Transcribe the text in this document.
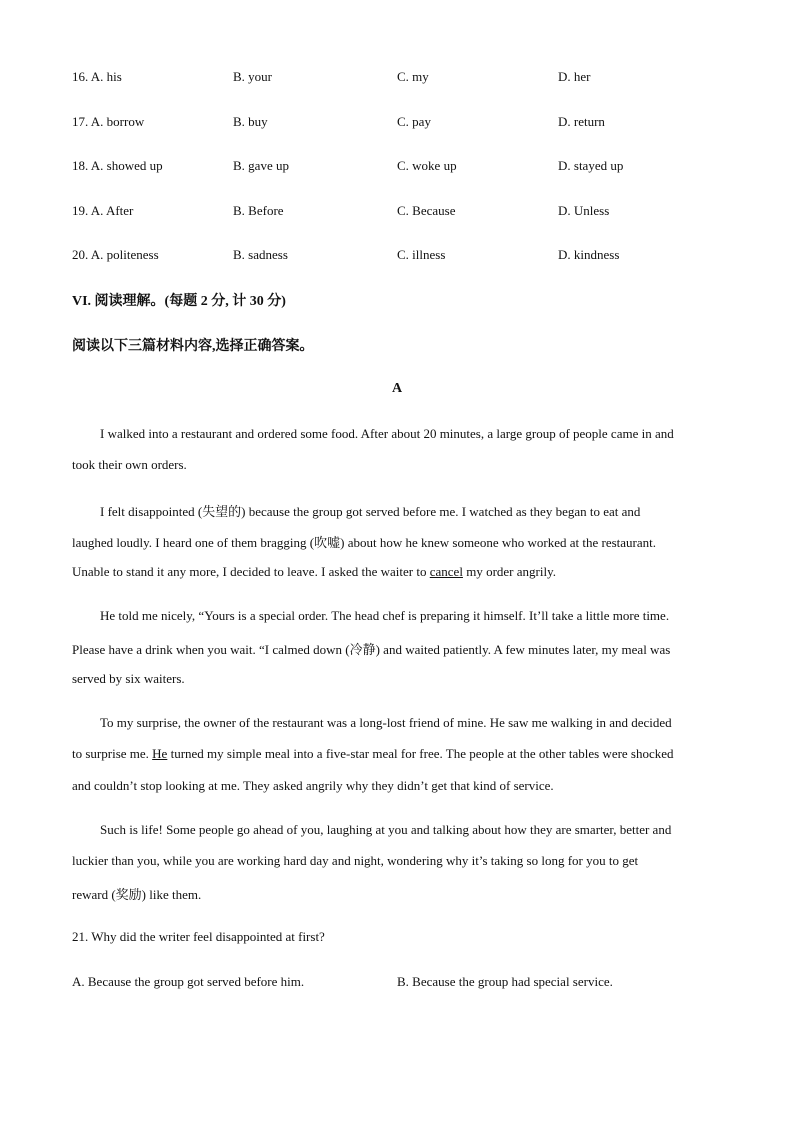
16. A. his	B. your	C. my	D. her
17. A. borrow	B. buy	C. pay	D. return
18. A. showed up	B. gave up	C. woke up	D. stayed up
19. A. After	B. Before	C. Because	D. Unless
20. A. politeness	B. sadness	C. illness	D. kindness
VI. 阅读理解。(每题 2 分, 计 30 分)
阅读以下三篇材料内容,选择正确答案。
A
I walked into a restaurant and ordered some food. After about 20 minutes, a large group of people came in and
took their own orders.
I felt disappointed (失望的) because the group got served before me. I watched as they began to eat and
laughed loudly. I heard one of them bragging (吹嘘) about how he knew someone who worked at the restaurant.
Unable to stand it any more, I decided to leave. I asked the waiter to cancel my order angrily.
He told me nicely, “Yours is a special order. The head chef is preparing it himself. It’ll take a little more time.
Please have a drink when you wait. “I calmed down (冷静) and waited patiently. A few minutes later, my meal was
served by six waiters.
To my surprise, the owner of the restaurant was a long-lost friend of mine. He saw me walking in and decided
to surprise me. He turned my simple meal into a five-star meal for free. The people at the other tables were shocked
and couldn’t stop looking at me. They asked angrily why they didn’t get that kind of service.
Such is life! Some people go ahead of you, laughing at you and talking about how they are smarter, better and
luckier than you, while you are working hard day and night, wondering why it’s taking so long for you to get
reward (奖励) like them.
21. Why did the writer feel disappointed at first?
A. Because the group got served before him.	B. Because the group had special service.
